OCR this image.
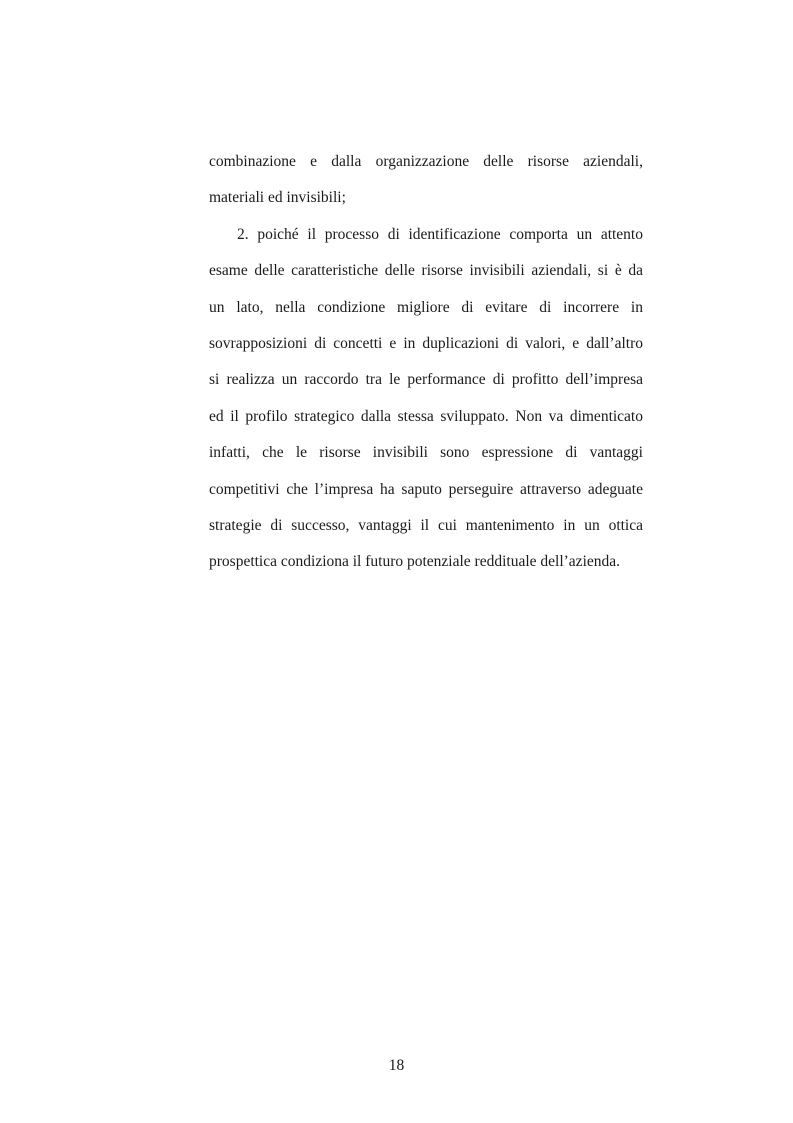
combinazione e dalla organizzazione delle risorse aziendali,
materiali ed invisibili;
2. poiché il processo di identificazione comporta un attento
esame delle caratteristiche delle risorse invisibili aziendali, si è da
un lato, nella condizione migliore di evitare di incorrere in
sovrapposizioni di concetti e in duplicazioni di valori, e dall’altro
si realizza un raccordo tra le performance di profitto dell’impresa
ed il profilo strategico dalla stessa sviluppato. Non va dimenticato
infatti, che le risorse invisibili sono espressione di vantaggi
competitivi che l’impresa ha saputo perseguire attraverso adeguate
strategie di successo, vantaggi il cui mantenimento in un ottica
prospettica condiziona il futuro potenziale reddituale dell’azienda.
18
